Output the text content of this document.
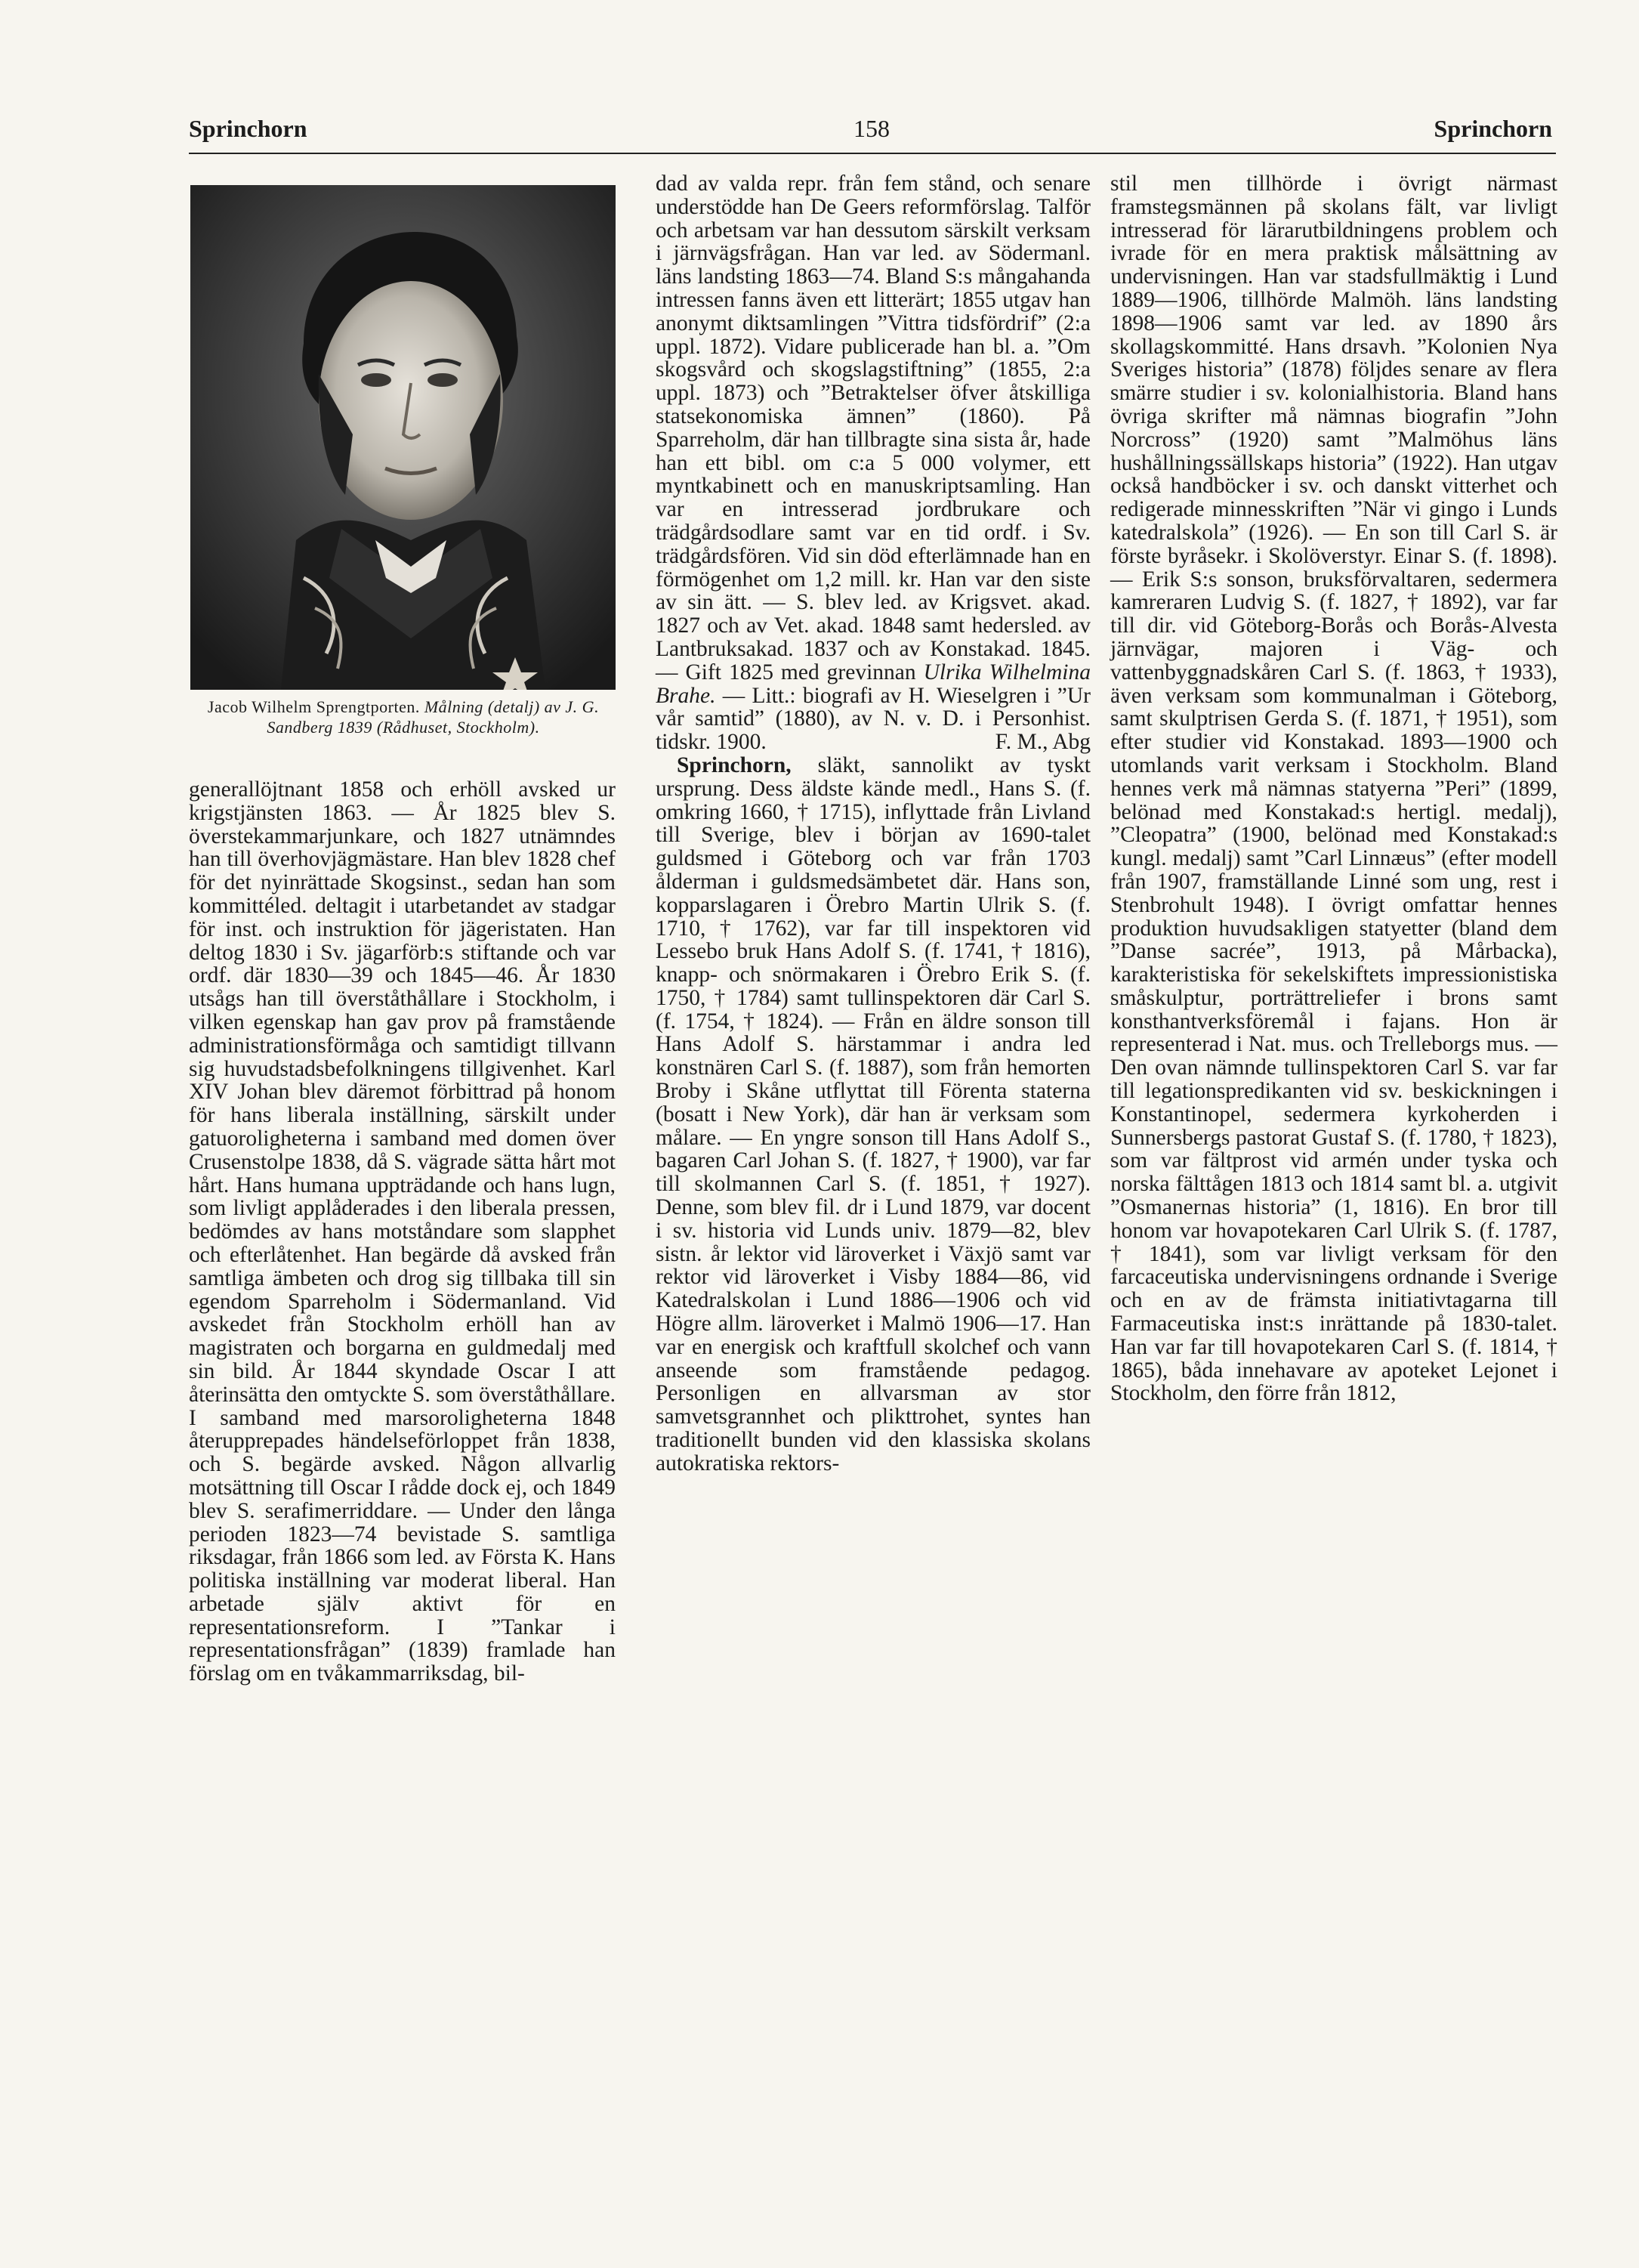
Sprinchorn	158	Sprinchorn
Jacob Wilhelm Sprengtporten. Målning (detalj) av J. G. Sandberg 1839 (Rådhuset, Stockholm).

generallöjtnant 1858 och erhöll avsked ur krigstjänsten 1863. — År 1825 blev S. överstekammarjunkare, och 1827 utnämndes han till överhovjägmästare. Han blev 1828 chef för det nyinrättade Skogsinst., sedan han som kommittéled. deltagit i utarbetandet av stadgar för inst. och instruktion för jägeristaten. Han deltog 1830 i Sv. jägarförb:s stiftande och var ordf. där 1830—39 och 1845—46. År 1830 utsågs han till överståthållare i Stockholm, i vilken egenskap han gav prov på framstående administrationsförmåga och samtidigt tillvann sig huvudstadsbefolkningens tillgivenhet. Karl XIV Johan blev däremot förbittrad på honom för hans liberala inställning, särskilt under gatuoroligheterna i samband med domen över Crusenstolpe 1838, då S. vägrade sätta hårt mot hårt. Hans humana uppträdande och hans lugn, som livligt applåderades i den liberala pressen, bedömdes av hans motståndare som slapphet och efterlåtenhet. Han begärde då avsked från samtliga ämbeten och drog sig tillbaka till sin egendom Sparreholm i Södermanland. Vid avskedet från Stockholm erhöll han av magistraten och borgarna en guldmedalj med sin bild. År 1844 skyndade Oscar I att återinsätta den omtyckte S. som överståthållare. I samband med marsoroligheterna 1848 återupprepades händelseförloppet från 1838, och S. begärde avsked. Någon allvarlig motsättning till Oscar I rådde dock ej, och 1849 blev S. serafimerriddare. — Under den långa perioden 1823—74 bevistade S. samtliga riksdagar, från 1866 som led. av Första K. Hans politiska inställning var moderat liberal. Han arbetade själv aktivt för en representationsreform. I ”Tankar i representationsfrågan” (1839) framlade han förslag om en tvåkammarriksdag, bil-

dad av valda repr. från fem stånd, och senare understödde han De Geers reformförslag. Talför och arbetsam var han dessutom särskilt verksam i järnvägsfrågan. Han var led. av Södermanl. läns landsting 1863—74. Bland S:s mångahanda intressen fanns även ett litterärt; 1855 utgav han anonymt diktsamlingen ”Vittra tidsfördrif” (2:a uppl. 1872). Vidare publicerade han bl. a. ”Om skogsvård och skogslagstiftning” (1855, 2:a uppl. 1873) och ”Betraktelser öfver åtskilliga statsekonomiska ämnen” (1860). På Sparreholm, där han tillbragte sina sista år, hade han ett bibl. om c:a 5 000 volymer, ett myntkabinett och en manuskriptsamling. Han var en intresserad jordbrukare och trädgårdsodlare samt var en tid ordf. i Sv. trädgårdsfören. Vid sin död efterlämnade han en förmögenhet om 1,2 mill. kr. Han var den siste av sin ätt. — S. blev led. av Krigsvet. akad. 1827 och av Vet. akad. 1848 samt hedersled. av Lantbruksakad. 1837 och av Konstakad. 1845. — Gift 1825 med grevinnan Ulrika Wilhelmina Brahe. — Litt.: biografi av H. Wieselgren i ”Ur vår samtid” (1880), av N. v. D. i Personhist. tidskr. 1900.	F. M., Abg

Sprinchorn, släkt, sannolikt av tyskt ursprung. Dess äldste kände medl., Hans S. (f. omkring 1660, † 1715), inflyttade från Livland till Sverige, blev i början av 1690-talet guldsmed i Göteborg och var från 1703 ålderman i guldsmedsämbetet där. Hans son, kopparslagaren i Örebro Martin Ulrik S. (f. 1710, † 1762), var far till inspektoren vid Lessebo bruk Hans Adolf S. (f. 1741, † 1816), knapp- och snörmakaren i Örebro Erik S. (f. 1750, † 1784) samt tullinspektoren där Carl S. (f. 1754, † 1824). — Från en äldre sonson till Hans Adolf S. härstammar i andra led konstnären Carl S. (f. 1887), som från hemorten Broby i Skåne utflyttat till Förenta staterna (bosatt i New York), där han är verksam som målare. — En yngre sonson till Hans Adolf S., bagaren Carl Johan S. (f. 1827, † 1900), var far till skolmannen Carl S. (f. 1851, † 1927). Denne, som blev fil. dr i Lund 1879, var docent i sv. historia vid Lunds univ. 1879—82, blev sistn. år lektor vid läroverket i Växjö samt var rektor vid läroverket i Visby 1884—86, vid Katedralskolan i Lund 1886—1906 och vid Högre allm. läroverket i Malmö 1906—17. Han var en energisk och kraftfull skolchef och vann anseende som framstående pedagog. Personligen en allvarsman av stor samvetsgrannhet och plikttrohet, syntes han traditionellt bunden vid den klassiska skolans autokratiska rektors-

stil men tillhörde i övrigt närmast framstegsmännen på skolans fält, var livligt intresserad för lärarutbildningens problem och ivrade för en mera praktisk målsättning av undervisningen. Han var stadsfullmäktig i Lund 1889—1906, tillhörde Malmöh. läns landsting 1898—1906 samt var led. av 1890 års skollagskommitté. Hans drsavh. ”Kolonien Nya Sveriges historia” (1878) följdes senare av flera smärre studier i sv. kolonialhistoria. Bland hans övriga skrifter må nämnas biografin ”John Norcross” (1920) samt ”Malmöhus läns hushållningssällskaps historia” (1922). Han utgav också handböcker i sv. och danskt vitterhet och redigerade minnesskriften ”När vi gingo i Lunds katedralskola” (1926). — En son till Carl S. är förste byråsekr. i Skolöverstyr. Einar S. (f. 1898). — Erik S:s sonson, bruksförvaltaren, sedermera kamreraren Ludvig S. (f. 1827, † 1892), var far till dir. vid Göteborg-Borås och Borås-Alvesta järnvägar, majoren i Väg- och vattenbyggnadskåren Carl S. (f. 1863, † 1933), även verksam som kommunalman i Göteborg, samt skulptrisen Gerda S. (f. 1871, † 1951), som efter studier vid Konstakad. 1893—1900 och utomlands varit verksam i Stockholm. Bland hennes verk må nämnas statyerna ”Peri” (1899, belönad med Konstakad:s hertigl. medalj), ”Cleopatra” (1900, belönad med Konstakad:s kungl. medalj) samt ”Carl Linnæus” (efter modell från 1907, framställande Linné som ung, rest i Stenbrohult 1948). I övrigt omfattar hennes produktion huvudsakligen statyetter (bland dem ”Danse sacrée”, 1913, på Mårbacka), karakteristiska för sekelskiftets impressionistiska småskulptur, porträttreliefer i brons samt konsthantverksföremål i fajans. Hon är representerad i Nat. mus. och Trelleborgs mus. — Den ovan nämnde tullinspektoren Carl S. var far till legationspredikanten vid sv. beskickningen i Konstantinopel, sedermera kyrkoherden i Sunnersbergs pastorat Gustaf S. (f. 1780, † 1823), som var fältprost vid armén under tyska och norska fälttågen 1813 och 1814 samt bl. a. utgivit ”Osmanernas historia” (1, 1816). En bror till honom var hovapotekaren Carl Ulrik S. (f. 1787, † 1841), som var livligt verksam för den farcaceutiska undervisningens ordnande i Sverige och en av de främsta initiativtagarna till Farmaceutiska inst:s inrättande på 1830-talet. Han var far till hovapotekaren Carl S. (f. 1814, † 1865), båda innehavare av apoteket Lejonet i Stockholm, den förre från 1812,
